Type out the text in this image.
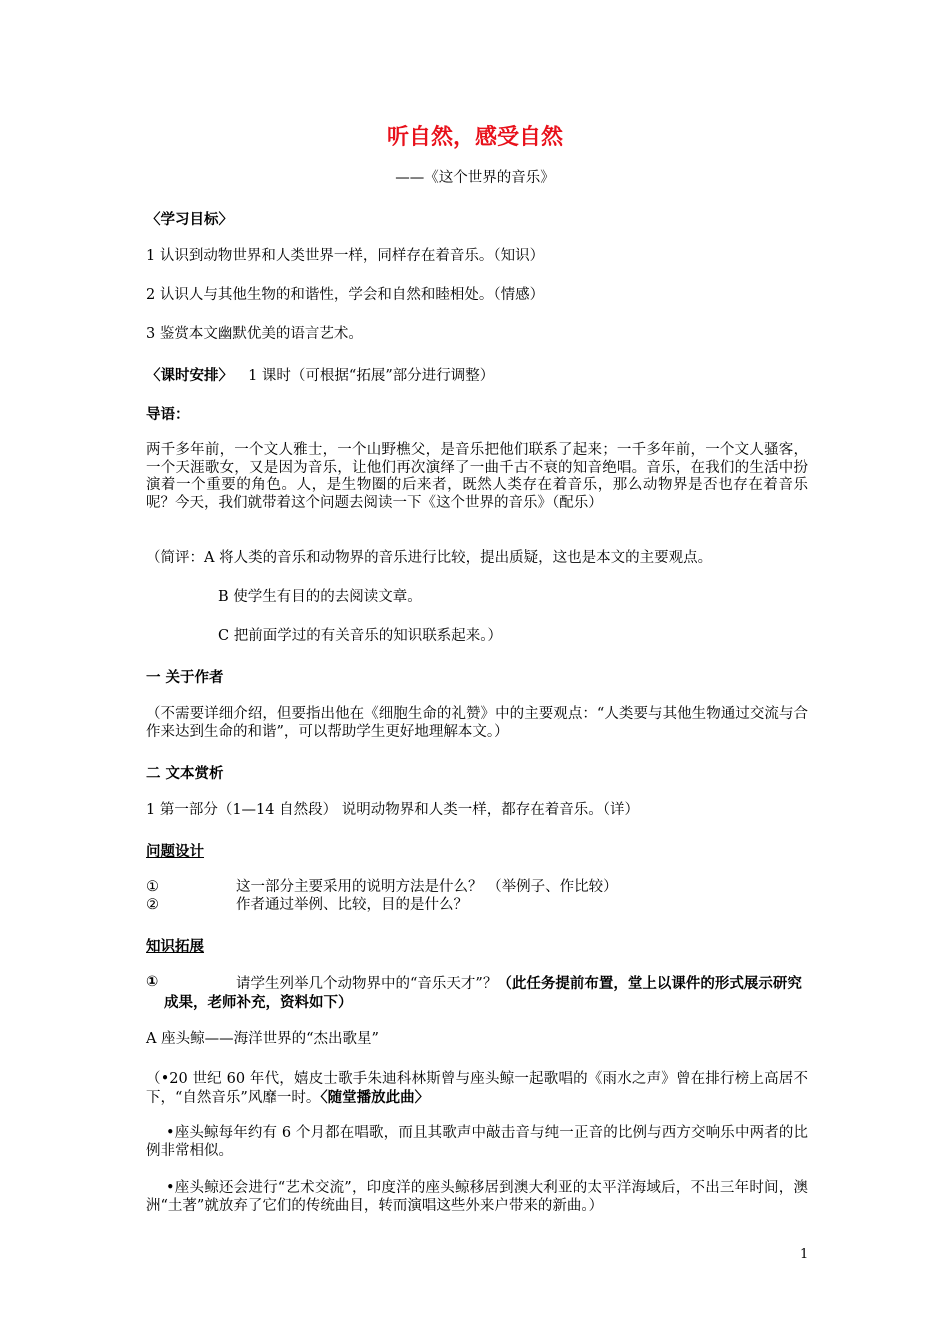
听自然，感受自然
——《这个世界的音乐》
〈学习目标〉
1 认识到动物世界和人类世界一样，同样存在着音乐。（知识）
2 认识人与其他生物的和谐性，学会和自然和睦相处。（情感）
3 鉴赏本文幽默优美的语言艺术。
〈课时安排〉 1 课时（可根据“拓展”部分进行调整）
导语：
两千多年前，一个文人雅士，一个山野樵父，是音乐把他们联系了起来；一千多年前，一个文人骚客，一个天涯歌女，又是因为音乐，让他们再次演绎了一曲千古不衰的知音绝唱。音乐，在我们的生活中扮演着一个重要的角色。人，是生物圈的后来者，既然人类存在着音乐，那么动物界是否也存在着音乐呢？今天，我们就带着这个问题去阅读一下《这个世界的音乐》（配乐）
（简评：A 将人类的音乐和动物界的音乐进行比较，提出质疑，这也是本文的主要观点。
B 使学生有目的的去阅读文章。
C 把前面学过的有关音乐的知识联系起来。）
一 关于作者
（不需要详细介绍，但要指出他在《细胞生命的礼赞》中的主要观点：“人类要与其他生物通过交流与合作来达到生命的和谐”，可以帮助学生更好地理解本文。）
二 文本赏析
1 第一部分（1—14 自然段） 说明动物界和人类一样，都存在着音乐。（详）
问题设计
①	这一部分主要采用的说明方法是什么？ （举例子、作比较）
②	作者通过举例、比较，目的是什么？
知识拓展
①	请学生列举几个动物界中的“音乐天才”？（此任务提前布置，堂上以课件的形式展示研究成果，老师补充，资料如下）
A 座头鲸——海洋世界的“杰出歌星”
（•20 世纪 60 年代，嬉皮士歌手朱迪科林斯曾与座头鲸一起歌唱的《雨水之声》曾在排行榜上高居不下，“自然音乐”风靡一时。〈随堂播放此曲〉
•座头鲸每年约有 6 个月都在唱歌，而且其歌声中敲击音与纯一正音的比例与西方交响乐中两者的比例非常相似。
•座头鲸还会进行“艺术交流”，印度洋的座头鲸移居到澳大利亚的太平洋海域后，不出三年时间，澳洲“土著”就放弃了它们的传统曲目，转而演唱这些外来户带来的新曲。）
1
